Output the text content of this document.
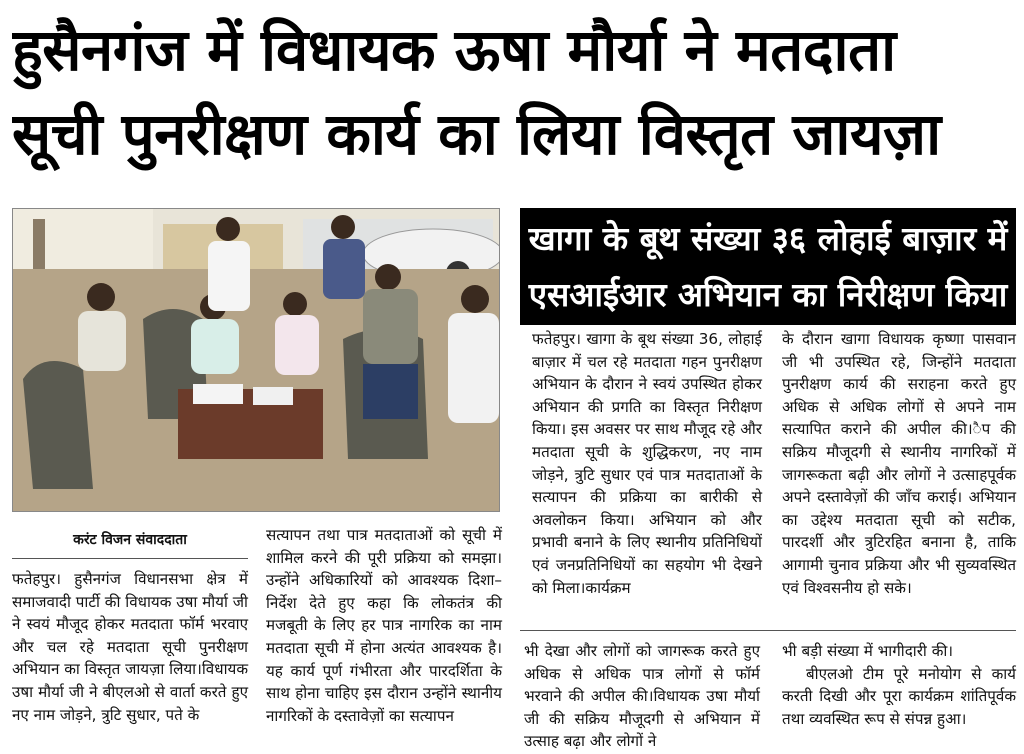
हुसैनगंज में विधायक ऊषा मौर्या ने मतदाता
सूची पुनरीक्षण कार्य का लिया विस्तृत जायज़ा
खागा के बूथ संख्या ३६ लोहाई बाज़ार में
एसआईआर अभियान का निरीक्षण किया

फतेहपुर। खागा के बूथ संख्या 36, लोहाई बाज़ार में चल रहे मतदाता गहन पुनरीक्षण अभियान के दौरान ने स्वयं उपस्थित होकर अभियान की प्रगति का विस्तृत निरीक्षण किया। इस अवसर पर साथ मौजूद रहे और मतदाता सूची के शुद्धिकरण, नए नाम जोड़ने, त्रुटि सुधार एवं पात्र मतदाताओं के सत्यापन की प्रक्रिया का बारीकी से अवलोकन किया। अभियान को और प्रभावी बनाने के लिए स्थानीय प्रतिनिधियों एवं जनप्रतिनिधियों का सहयोग भी देखने को मिला।कार्यक्रम

के दौरान खागा विधायक कृष्णा पासवान जी भी उपस्थित रहे, जिन्होंने मतदाता पुनरीक्षण कार्य की सराहना करते हुए अधिक से अधिक लोगों से अपने नाम सत्यापित कराने की अपील की।ैप की सक्रिय मौजूदगी से स्थानीय नागरिकों में जागरूकता बढ़ी और लोगों ने उत्साहपूर्वक अपने दस्तावेज़ों की जाँच कराई। अभियान का उद्देश्य मतदाता सूची को सटीक, पारदर्शी और त्रुटिरहित बनाना है, ताकि आगामी चुनाव प्रक्रिया और भी सुव्यवस्थित एवं विश्वसनीय हो सके।

करंट विजन संवाददाता

फतेहपुर। हुसैनगंज विधानसभा क्षेत्र में समाजवादी पार्टी की विधायक उषा मौर्या जी ने स्वयं मौजूद होकर मतदाता फॉर्म भरवाए और चल रहे मतदाता सूची पुनरीक्षण अभियान का विस्तृत जायज़ा लिया।विधायक उषा मौर्या जी ने बीएलओ से वार्ता करते हुए नए नाम जोड़ने, त्रुटि सुधार, पते के

सत्यापन तथा पात्र मतदाताओं को सूची में शामिल करने की पूरी प्रक्रिया को समझा। उन्होंने अधिकारियों को आवश्यक दिशा–निर्देश देते हुए कहा कि लोकतंत्र की मजबूती के लिए हर पात्र नागरिक का नाम मतदाता सूची में होना अत्यंत आवश्यक है। यह कार्य पूर्ण गंभीरता और पारदर्शिता के साथ होना चाहिए इस दौरान उन्होंने स्थानीय नागरिकों के दस्तावेज़ों का सत्यापन

भी देखा और लोगों को जागरूक करते हुए अधिक से अधिक पात्र लोगों से फॉर्म भरवाने की अपील की।विधायक उषा मौर्या जी की सक्रिय मौजूदगी से अभियान में उत्साह बढ़ा और लोगों ने

भी बड़ी संख्या में भागीदारी की।

बीएलओ टीम पूरे मनोयोग से कार्य करती दिखी और पूरा कार्यक्रम शांतिपूर्वक तथा व्यवस्थित रूप से संपन्न हुआ।
